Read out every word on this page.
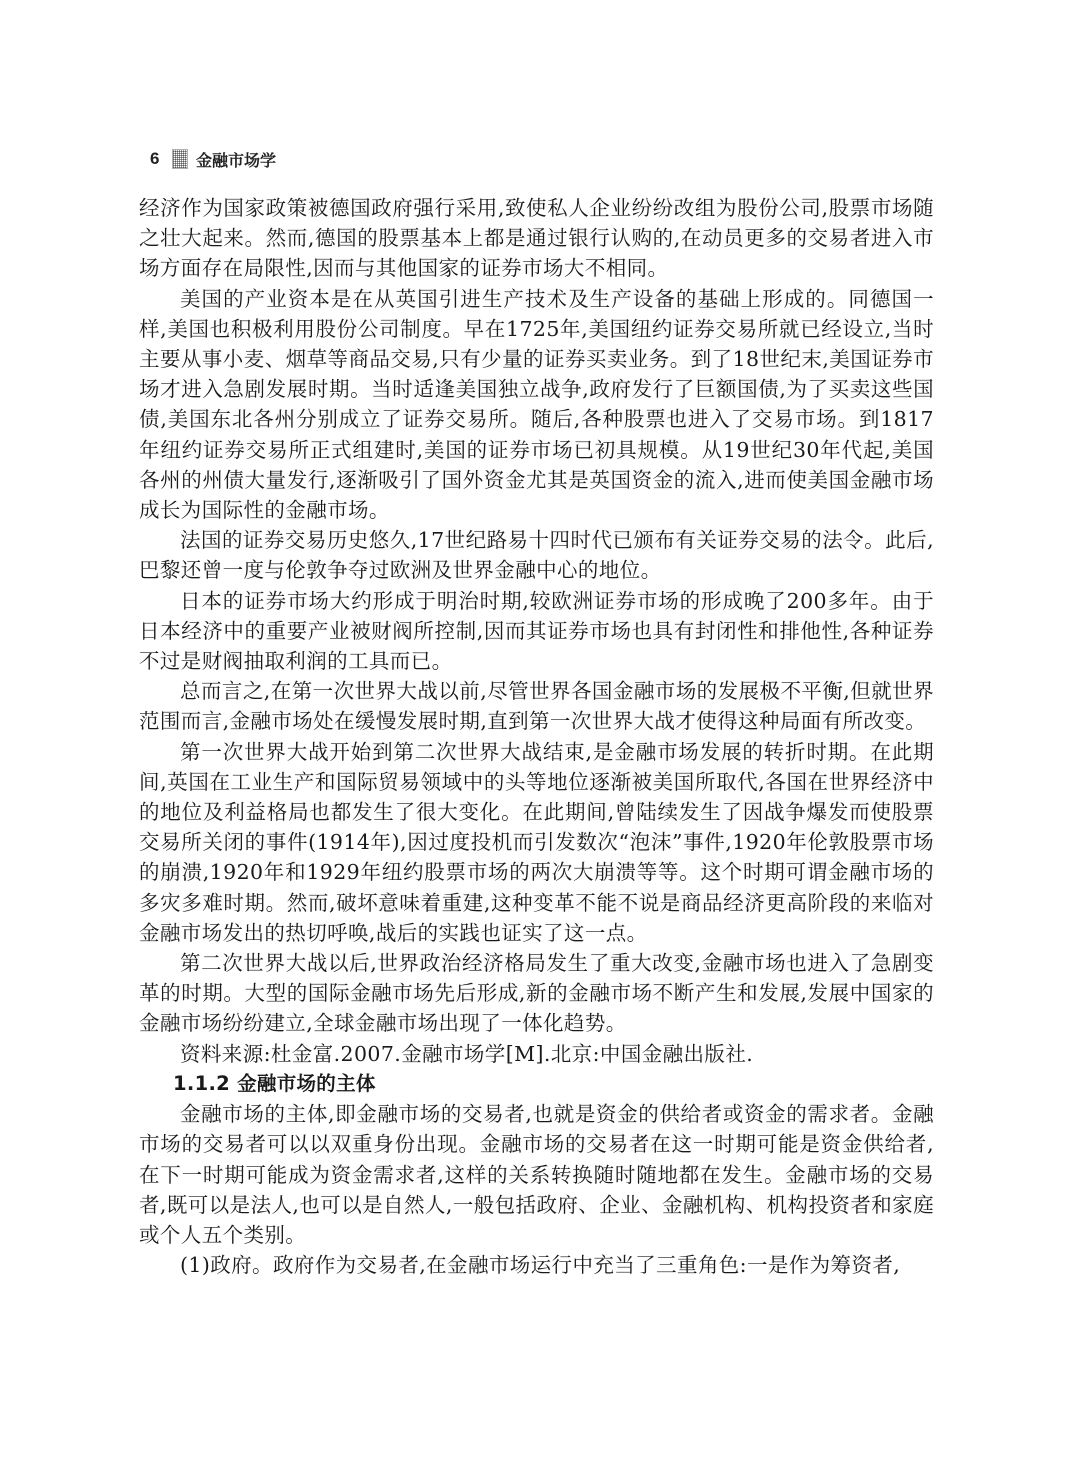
6	金融市场学

经济作为国家政策被德国政府强行采用,致使私人企业纷纷改组为股份公司,股票市场随之壮大起来。然而,德国的股票基本上都是通过银行认购的,在动员更多的交易者进入市场方面存在局限性,因而与其他国家的证券市场大不相同。

美国的产业资本是在从英国引进生产技术及生产设备的基础上形成的。同德国一样,美国也积极利用股份公司制度。早在1725年,美国纽约证券交易所就已经设立,当时主要从事小麦、烟草等商品交易,只有少量的证券买卖业务。到了18世纪末,美国证券市场才进入急剧发展时期。当时适逢美国独立战争,政府发行了巨额国债,为了买卖这些国债,美国东北各州分别成立了证券交易所。随后,各种股票也进入了交易市场。到1817年纽约证券交易所正式组建时,美国的证券市场已初具规模。从19世纪30年代起,美国各州的州债大量发行,逐渐吸引了国外资金尤其是英国资金的流入,进而使美国金融市场成长为国际性的金融市场。

法国的证券交易历史悠久,17世纪路易十四时代已颁布有关证券交易的法令。此后,巴黎还曾一度与伦敦争夺过欧洲及世界金融中心的地位。

日本的证券市场大约形成于明治时期,较欧洲证券市场的形成晚了200多年。由于日本经济中的重要产业被财阀所控制,因而其证券市场也具有封闭性和排他性,各种证券不过是财阀抽取利润的工具而已。

总而言之,在第一次世界大战以前,尽管世界各国金融市场的发展极不平衡,但就世界范围而言,金融市场处在缓慢发展时期,直到第一次世界大战才使得这种局面有所改变。

第一次世界大战开始到第二次世界大战结束,是金融市场发展的转折时期。在此期间,英国在工业生产和国际贸易领域中的头等地位逐渐被美国所取代,各国在世界经济中的地位及利益格局也都发生了很大变化。在此期间,曾陆续发生了因战争爆发而使股票交易所关闭的事件(1914年),因过度投机而引发数次“泡沫”事件,1920年伦敦股票市场的崩溃,1920年和1929年纽约股票市场的两次大崩溃等等。这个时期可谓金融市场的多灾多难时期。然而,破坏意味着重建,这种变革不能不说是商品经济更高阶段的来临对金融市场发出的热切呼唤,战后的实践也证实了这一点。

第二次世界大战以后,世界政治经济格局发生了重大改变,金融市场也进入了急剧变革的时期。大型的国际金融市场先后形成,新的金融市场不断产生和发展,发展中国家的金融市场纷纷建立,全球金融市场出现了一体化趋势。

资料来源:杜金富.2007.金融市场学[M].北京:中国金融出版社.

1.1.2 金融市场的主体

金融市场的主体,即金融市场的交易者,也就是资金的供给者或资金的需求者。金融市场的交易者可以以双重身份出现。金融市场的交易者在这一时期可能是资金供给者,在下一时期可能成为资金需求者,这样的关系转换随时随地都在发生。金融市场的交易者,既可以是法人,也可以是自然人,一般包括政府、企业、金融机构、机构投资者和家庭或个人五个类别。

(1)政府。政府作为交易者,在金融市场运行中充当了三重角色:一是作为筹资者,
